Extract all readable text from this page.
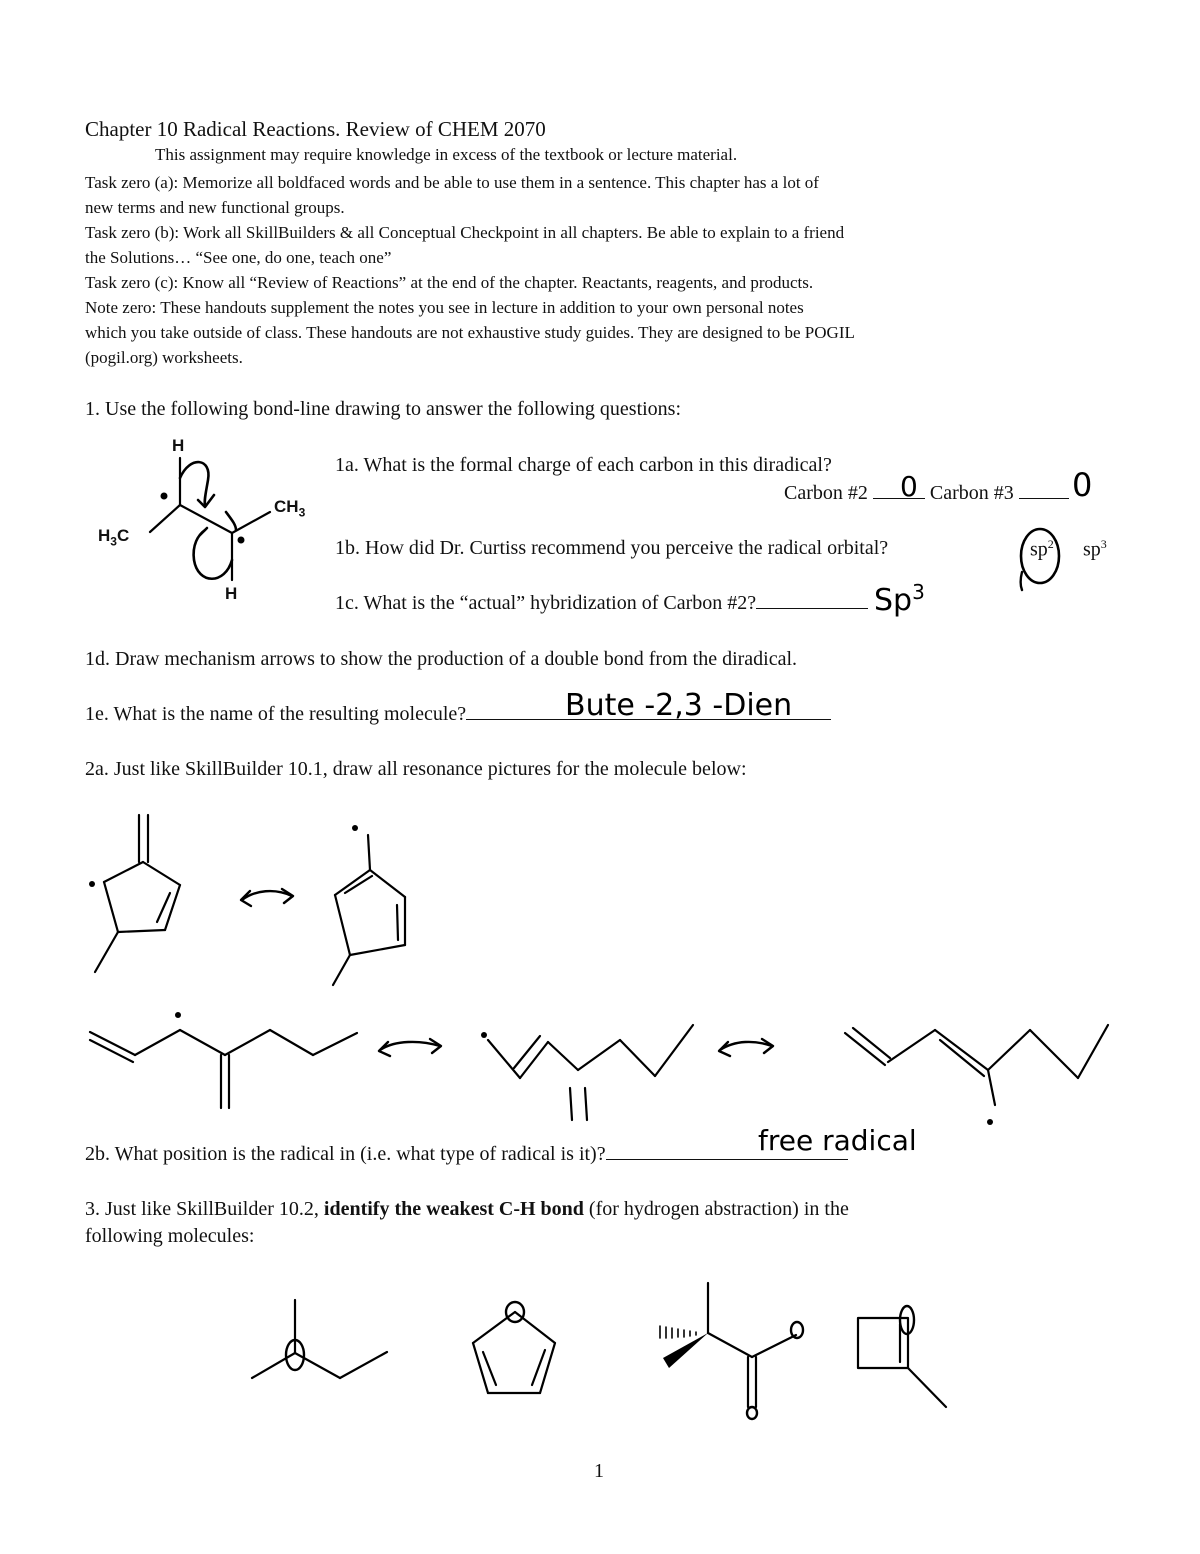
Chapter 10 Radical Reactions. Review of CHEM 2070
This assignment may require knowledge in excess of the textbook or lecture material.
Task zero (a): Memorize all boldfaced words and be able to use them in a sentence. This chapter has a lot of
new terms and new functional groups.
Task zero (b): Work all SkillBuilders & all Conceptual Checkpoint in all chapters. Be able to explain to a friend
the Solutions… “See one, do one, teach one”
Task zero (c): Know all “Review of Reactions” at the end of the chapter. Reactants, reagents, and products.
Note zero: These handouts supplement the notes you see in lecture in addition to your own personal notes
which you take outside of class. These handouts are not exhaustive study guides. They are designed to be POGIL
(pogil.org) worksheets.
1. Use the following bond-line drawing to answer the following questions:
1a. What is the formal charge of each carbon in this diradical?
Carbon #2	Carbon #3
0	0
1b. How did Dr. Curtiss recommend you perceive the radical orbital?	$sp^2$ $sp^3$
1c. What is the “actual” hybridization of Carbon #2?	Sp$^3$
1d. Draw mechanism arrows to show the production of a double bond from the diradical.
1e. What is the name of the resulting molecule?	Bute -2,3 -Dien
H
$CH_3$
$H_3C$
H
2a. Just like SkillBuilder 10.1, draw all resonance pictures for the molecule below:
2b. What position is the radical in (i.e. what type of radical is it)?	free radical
3. Just like SkillBuilder 10.2, identify the weakest C-H bond (for hydrogen abstraction) in the
following molecules:
1
